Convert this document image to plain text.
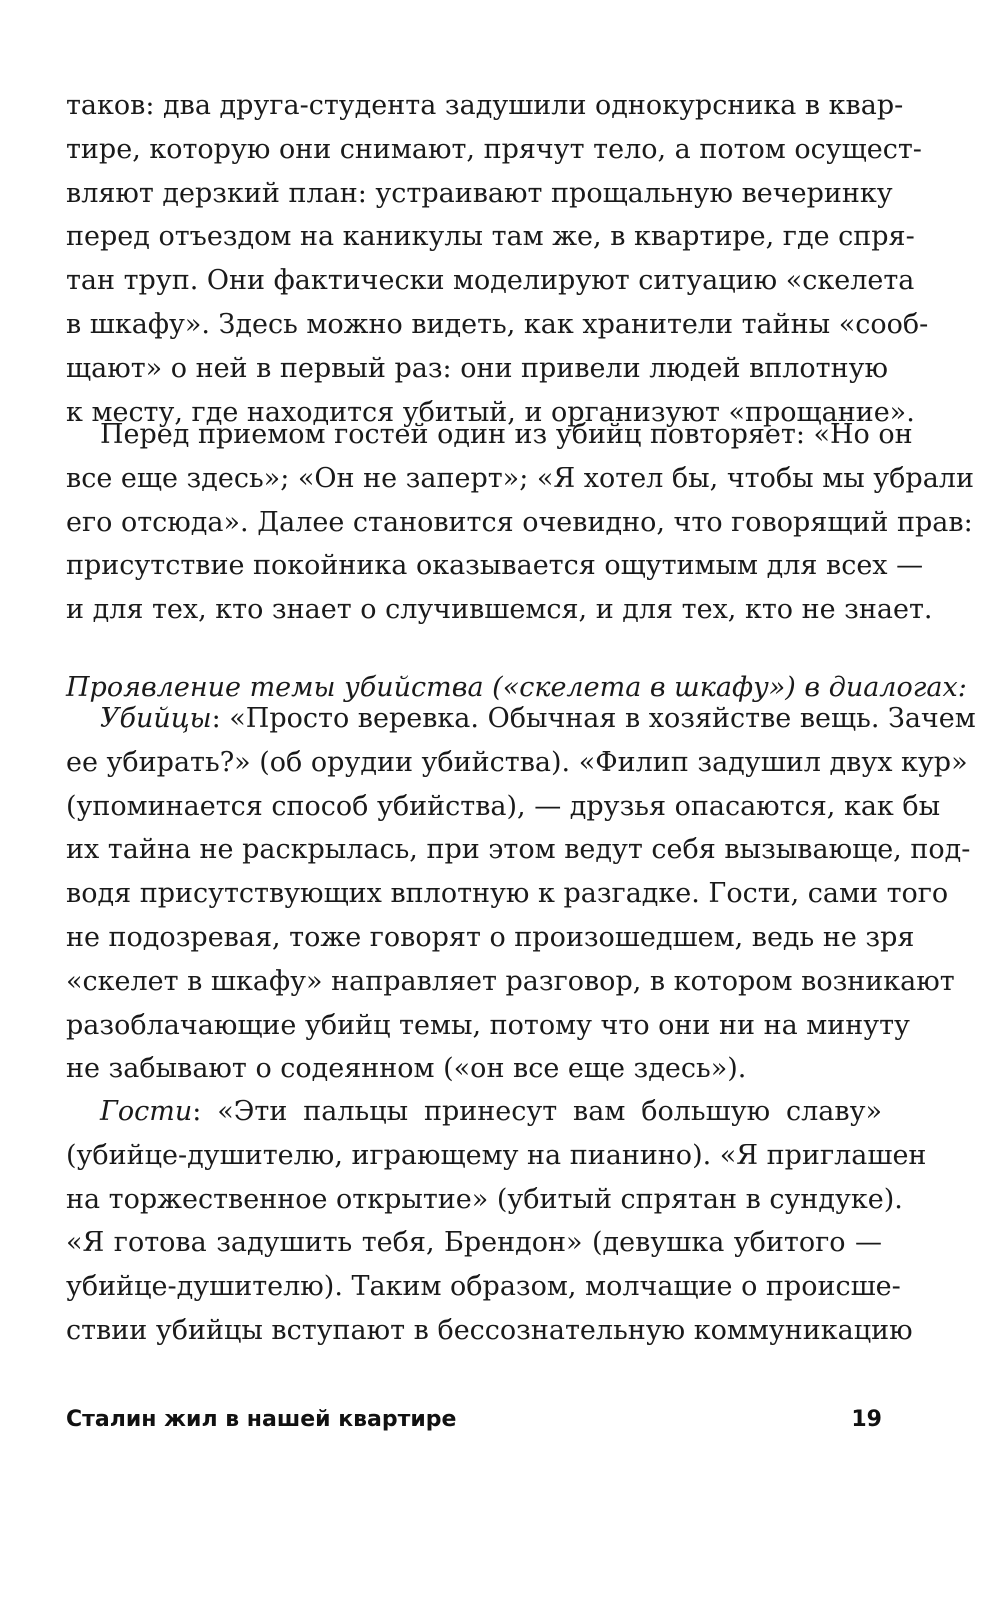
таков: два друга-студента задушили однокурсника в квар-
тире, которую они снимают, прячут тело, а потом осущест-
вляют дерзкий план: устраивают прощальную вечеринку
перед отъездом на каникулы там же, в квартире, где спря-
тан труп. Они фактически моделируют ситуацию «скелета
в шкафу». Здесь можно видеть, как хранители тайны «сооб-
щают» о ней в первый раз: они привели людей вплотную
к месту, где находится убитый, и организуют «прощание».
Перед приемом гостей один из убийц повторяет: «Но он
все еще здесь»; «Он не заперт»; «Я хотел бы, чтобы мы убрали
его отсюда». Далее становится очевидно, что говорящий прав:
присутствие покойника оказывается ощутимым для всех —
и для тех, кто знает о случившемся, и для тех, кто не знает.
Проявление темы убийства («скелета в шкафу») в диалогах:
Убийцы: «Просто веревка. Обычная в хозяйстве вещь. Зачем
ее убирать?» (об орудии убийства). «Филип задушил двух кур»
(упоминается способ убийства), — друзья опасаются, как бы
их тайна не раскрылась, при этом ведут себя вызывающе, под-
водя присутствующих вплотную к разгадке. Гости, сами того
не подозревая, тоже говорят о произошедшем, ведь не зря
«скелет в шкафу» направляет разговор, в котором возникают
разоблачающие убийц темы, потому что они ни на минуту
не забывают о содеянном («он все еще здесь»).
Гости: «Эти пальцы принесут вам большую славу»
(убийце-душителю, играющему на пианино). «Я приглашен
на торжественное открытие» (убитый спрятан в сундуке).
«Я готова задушить тебя, Брендон» (девушка убитого —
убийце-душителю). Таким образом, молчащие о происше-
ствии убийцы вступают в бессознательную коммуникацию
Сталин жил в нашей квартире	19
